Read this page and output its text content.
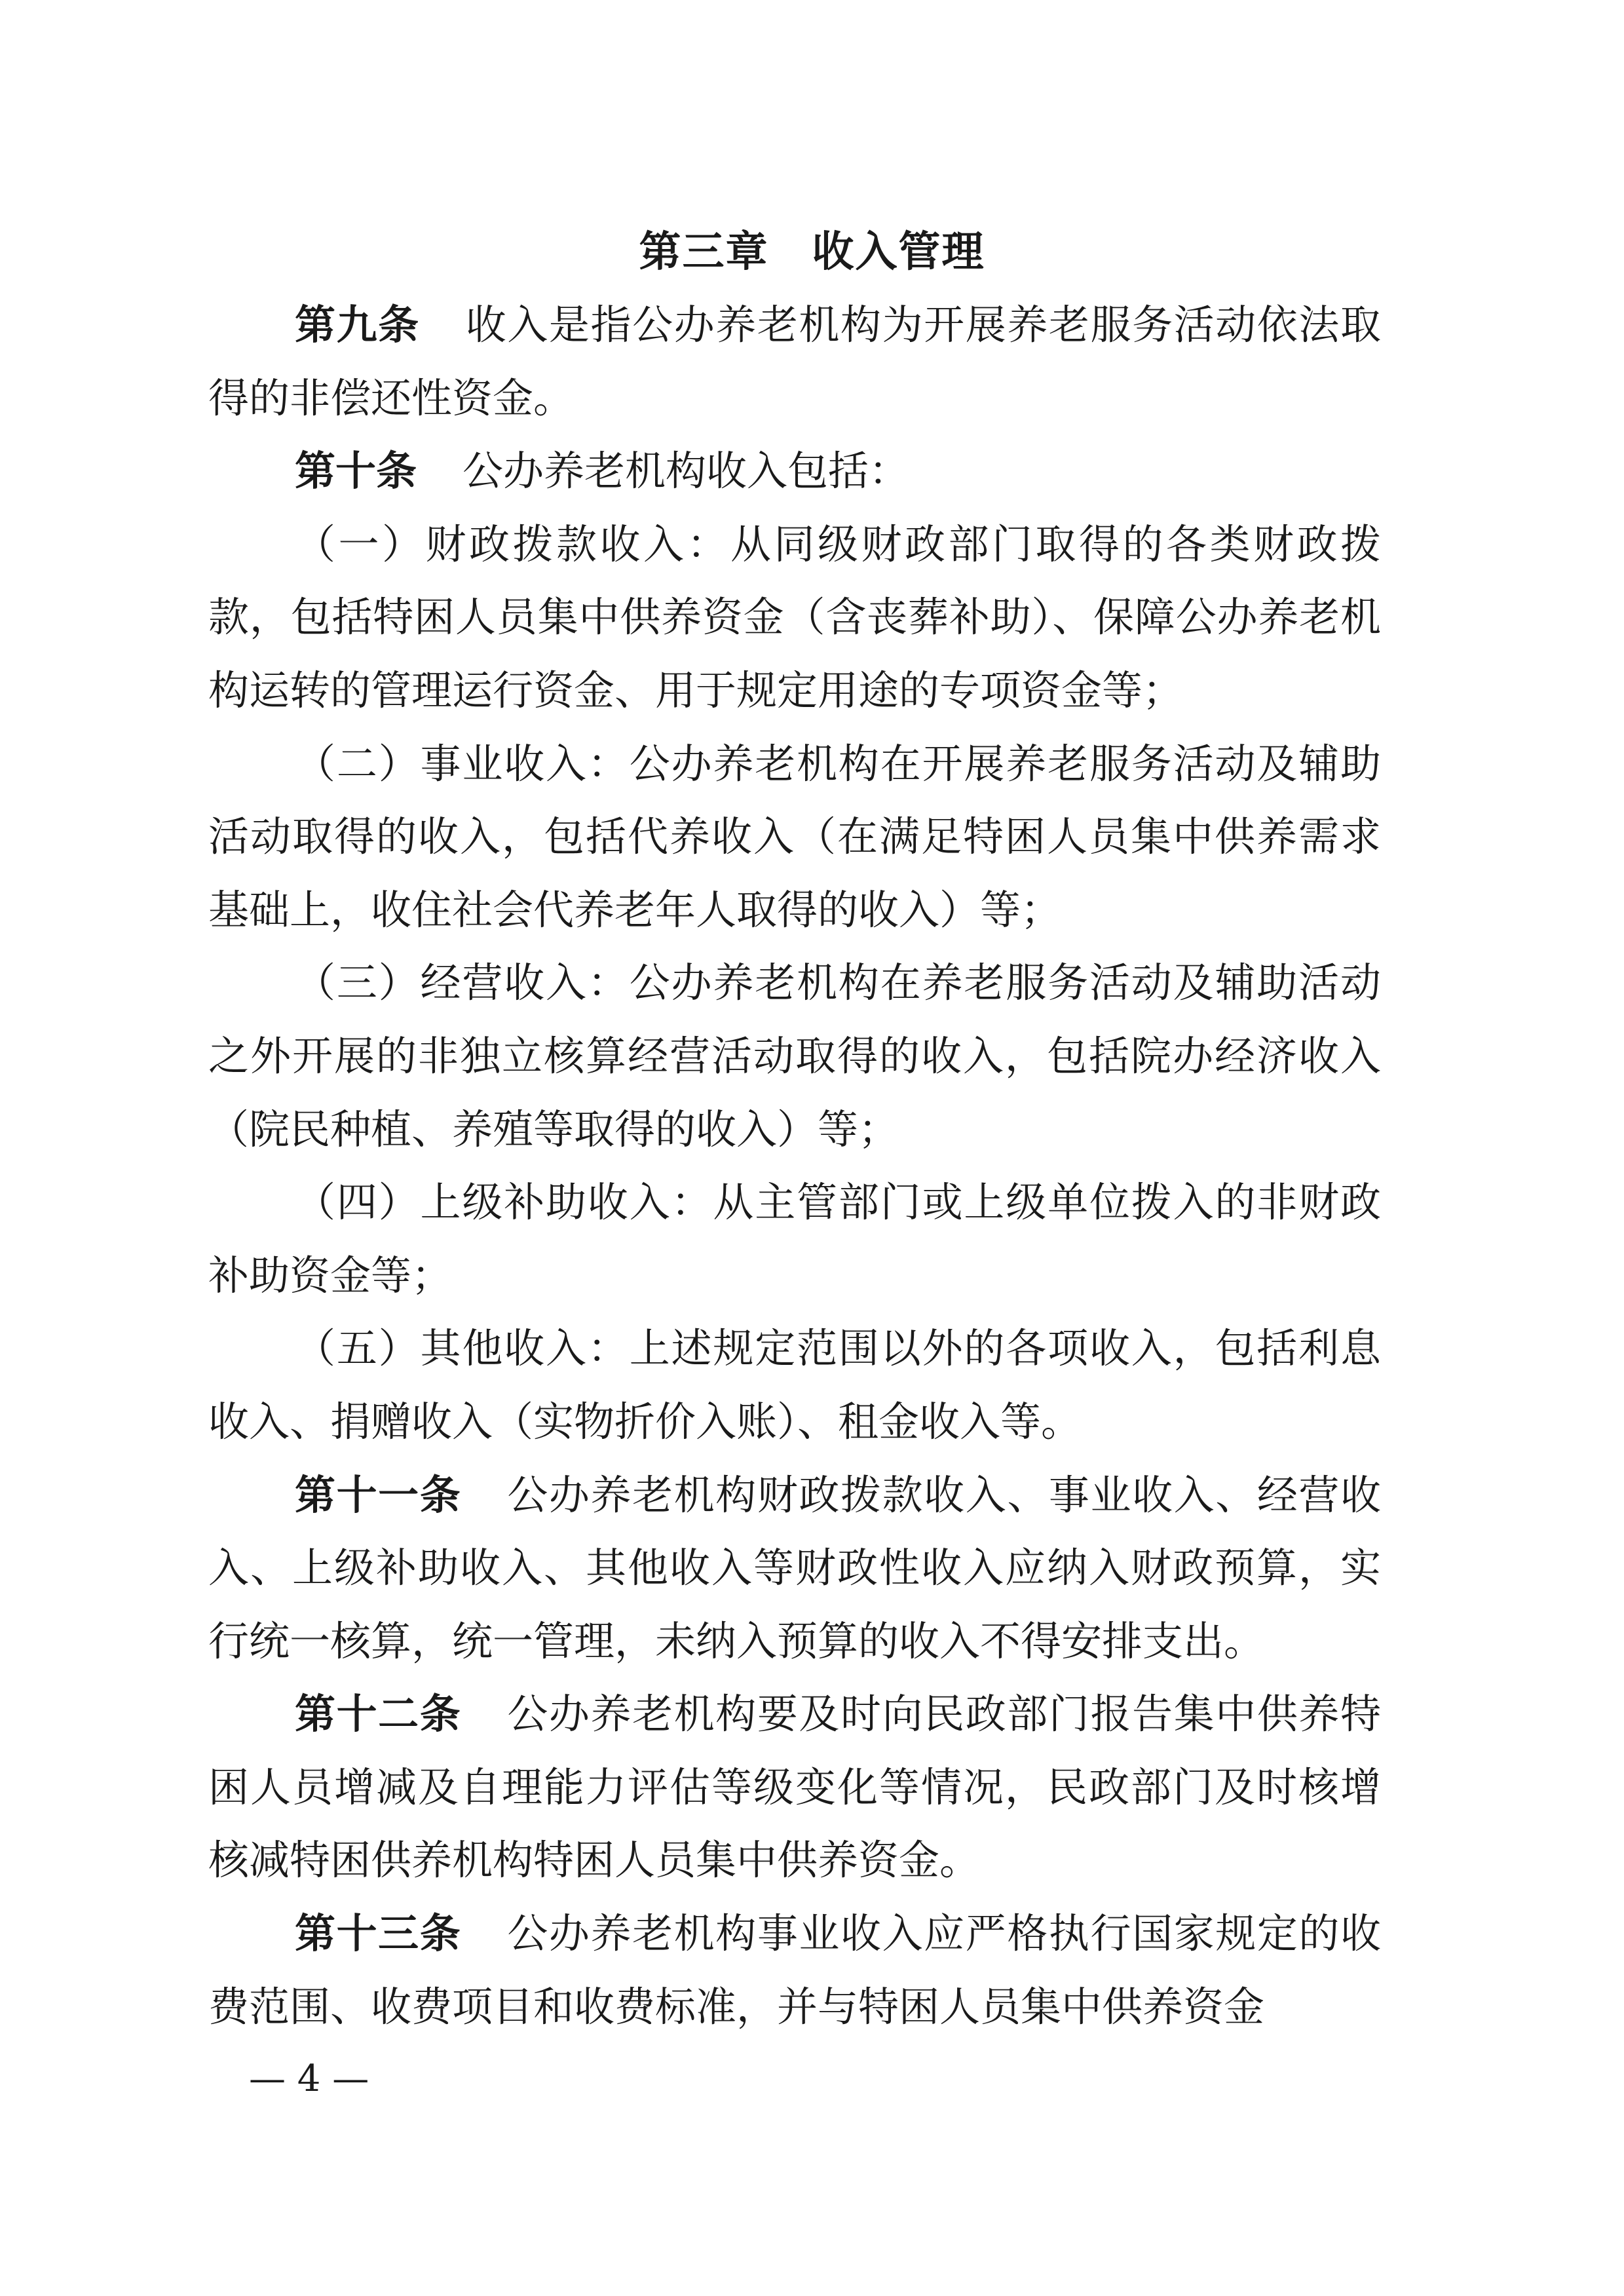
第三章　收入管理

第九条 收入是指公办养老机构为开展养老服务活动依法取得的非偿还性资金。

第十条 公办养老机构收入包括：

（一）财政拨款收入：从同级财政部门取得的各类财政拨款，包括特困人员集中供养资金（含丧葬补助）、保障公办养老机构运转的管理运行资金、用于规定用途的专项资金等；

（二）事业收入：公办养老机构在开展养老服务活动及辅助活动取得的收入，包括代养收入（在满足特困人员集中供养需求基础上，收住社会代养老年人取得的收入）等；

（三）经营收入：公办养老机构在养老服务活动及辅助活动之外开展的非独立核算经营活动取得的收入，包括院办经济收入（院民种植、养殖等取得的收入）等；

（四）上级补助收入：从主管部门或上级单位拨入的非财政补助资金等；

（五）其他收入：上述规定范围以外的各项收入，包括利息收入、捐赠收入（实物折价入账）、租金收入等。

第十一条 公办养老机构财政拨款收入、事业收入、经营收入、上级补助收入、其他收入等财政性收入应纳入财政预算，实行统一核算，统一管理，未纳入预算的收入不得安排支出。

第十二条 公办养老机构要及时向民政部门报告集中供养特困人员增减及自理能力评估等级变化等情况，民政部门及时核增核减特困供养机构特困人员集中供养资金。

第十三条 公办养老机构事业收入应严格执行国家规定的收费范围、收费项目和收费标准，并与特困人员集中供养资金

— 4 —
